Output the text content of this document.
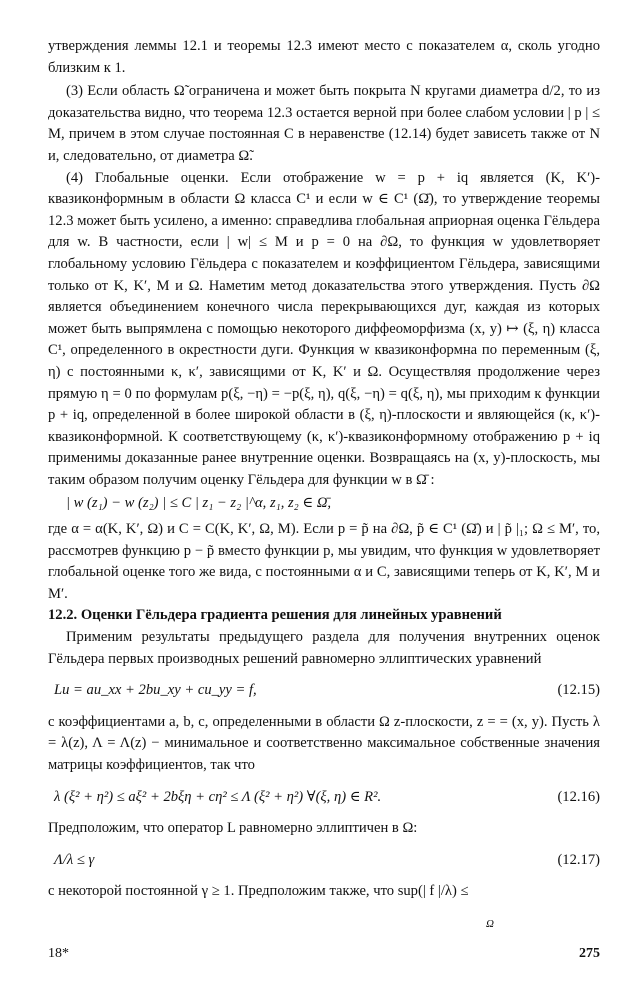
утверждения леммы 12.1 и теоремы 12.3 имеют место с показателем α, сколь угодно близким к 1.

(3) Если область Ω̃ ограничена и может быть покрыта N кругами диаметра d/2, то из доказательства видно, что теорема 12.3 остается верной при более слабом условии | p | ≤ M, причем в этом случае постоянная C в неравенстве (12.14) будет зависеть также от N и, следовательно, от диаметра Ω̃.

(4) Глобальные оценки. Если отображение w = p + iq является (K, K′)-квазиконформным в области Ω класса C¹ и если w ∈ C¹ (Ω̄), то утверждение теоремы 12.3 может быть усилено, а именно: справедлива глобальная априорная оценка Гёльдера для w. В частности, если | w| ≤ M и p = 0 на ∂Ω, то функция w удовлетворяет глобальному условию Гёльдера с показателем и коэффициентом Гёльдера, зависящими только от K, K′, M и Ω. Наметим метод доказательства этого утверждения. Пусть ∂Ω является объединением конечного числа перекрывающихся дуг, каждая из которых может быть выпрямлена с помощью некоторого диффеоморфизма (x, y) ↦ (ξ, η) класса C¹, определенного в окрестности дуги. Функция w квазиконформна по переменным (ξ, η) с постоянными κ, κ′, зависящими от K, K′ и Ω. Осуществляя продолжение через прямую η = 0 по формулам p(ξ, −η) = −p(ξ, η), q(ξ, −η) = q(ξ, η), мы приходим к функции p + iq, определенной в более широкой области в (ξ, η)-плоскости и являющейся (κ, κ′)-квазиконформной. К соответствующему (κ, κ′)-квазиконформному отображению p + iq применимы доказанные ранее внутренние оценки. Возвращаясь на (x, y)-плоскость, мы таким образом получим оценку Гёльдера для функции w в Ω̄ :

| w (z₁) − w (z₂) | ≤ C | z₁ − z₂ |^α, z₁, z₂ ∈ Ω̄,

где α = α(K, K′, Ω) и C = C(K, K′, Ω, M). Если p = p̃ на ∂Ω, p̃ ∈ C¹ (Ω̄) и | p̃ |₁; Ω ≤ M′, то, рассмотрев функцию p − p̃ вместо функции p, мы увидим, что функция w удовлетворяет глобальной оценке того же вида, с постоянными α и C, зависящими теперь от K, K′, M и M′.

12.2. Оценки Гёльдера градиента решения для линейных уравнений

Применим результаты предыдущего раздела для получения внутренних оценок Гёльдера первых производных решений равномерно эллиптических уравнений

Lu = au_xx + 2bu_xy + cu_yy = f,	(12.15)

с коэффициентами a, b, c, определенными в области Ω z-плоскости, z = = (x, y). Пусть λ = λ(z), Λ = Λ(z) − минимальное и соответственно максимальное собственные значения матрицы коэффициентов, так что

λ (ξ² + η²) ≤ aξ² + 2bξη + cη² ≤ Λ (ξ² + η²) ∀(ξ, η) ∈ R².	(12.16)

Предположим, что оператор L равномерно эллиптичен в Ω:

Λ/λ ≤ γ	(12.17)

с некоторой постоянной γ ≥ 1. Предположим также, что sup(| f |/λ) ≤

Ω
18*	275
